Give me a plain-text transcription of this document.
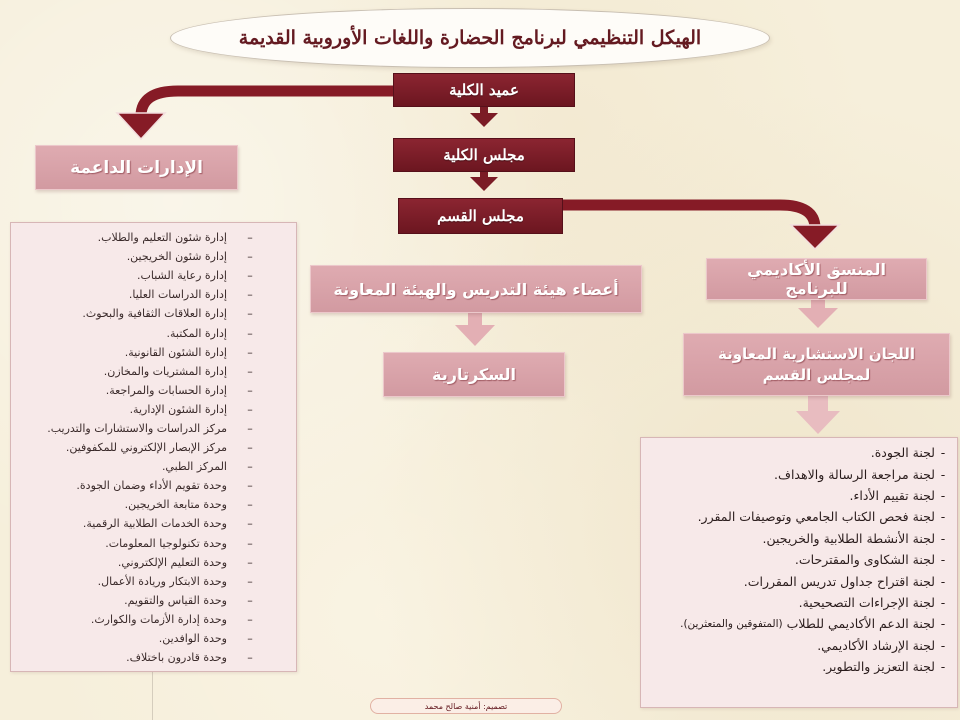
الهيكل التنظيمي لبرنامج الحضارة واللغات الأوروبية القديمة
عميد الكلية
مجلس الكلية
مجلس القسم
الإدارات الداعمة
أعضاء هيئة التدريس والهيئة المعاونة
السكرتارية
المنسق الأكاديمي للبرنامج
اللجان الاستشارية المعاونة لمجلس القسم
–
إدارة شئون التعليم والطلاب.
–
إدارة شئون الخريجين.
–
إدارة رعاية الشباب.
–
إدارة الدراسات العليا.
–
إدارة العلاقات الثقافية والبحوث.
–
إدارة المكتبة.
–
إدارة الشئون القانونية.
–
إدارة المشتريات والمخازن.
–
إدارة الحسابات والمراجعة.
–
إدارة الشئون الإدارية.
–
مركز الدراسات والاستشارات والتدريب.
–
مركز الإبصار الإلكتروني للمكفوفين.
–
المركز الطبي.
–
وحدة تقويم الأداء وضمان الجودة.
–
وحدة متابعة الخريجين.
–
وحدة الخدمات الطلابية الرقمية.
–
وحدة تكنولوجيا المعلومات.
–
وحدة التعليم الإلكتروني.
–
وحدة الابتكار وريادة الأعمال.
–
وحدة القياس والتقويم.
–
وحدة إدارة الأزمات والكوارث.
–
وحدة الوافدين.
–
وحدة قادرون باختلاف.
-
لجنة الجودة.
-
لجنة مراجعة الرسالة والاهداف.
-
لجنة تقييم الأداء.
-
لجنة فحص الكتاب الجامعي وتوصيفات المقرر.
-
لجنة الأنشطة الطلابية والخريجين.
-
لجنة الشكاوى والمقترحات.
-
لجنة اقتراح جداول تدريس المقررات.
-
لجنة الإجراءات التصحيحية.
-
لجنة الدعم الأكاديمي للطلاب
(المتفوقين والمتعثرين).
-
لجنة الإرشاد الأكاديمي.
-
لجنة التعزيز والتطوير.
تصميم: أمنية صالح محمد
